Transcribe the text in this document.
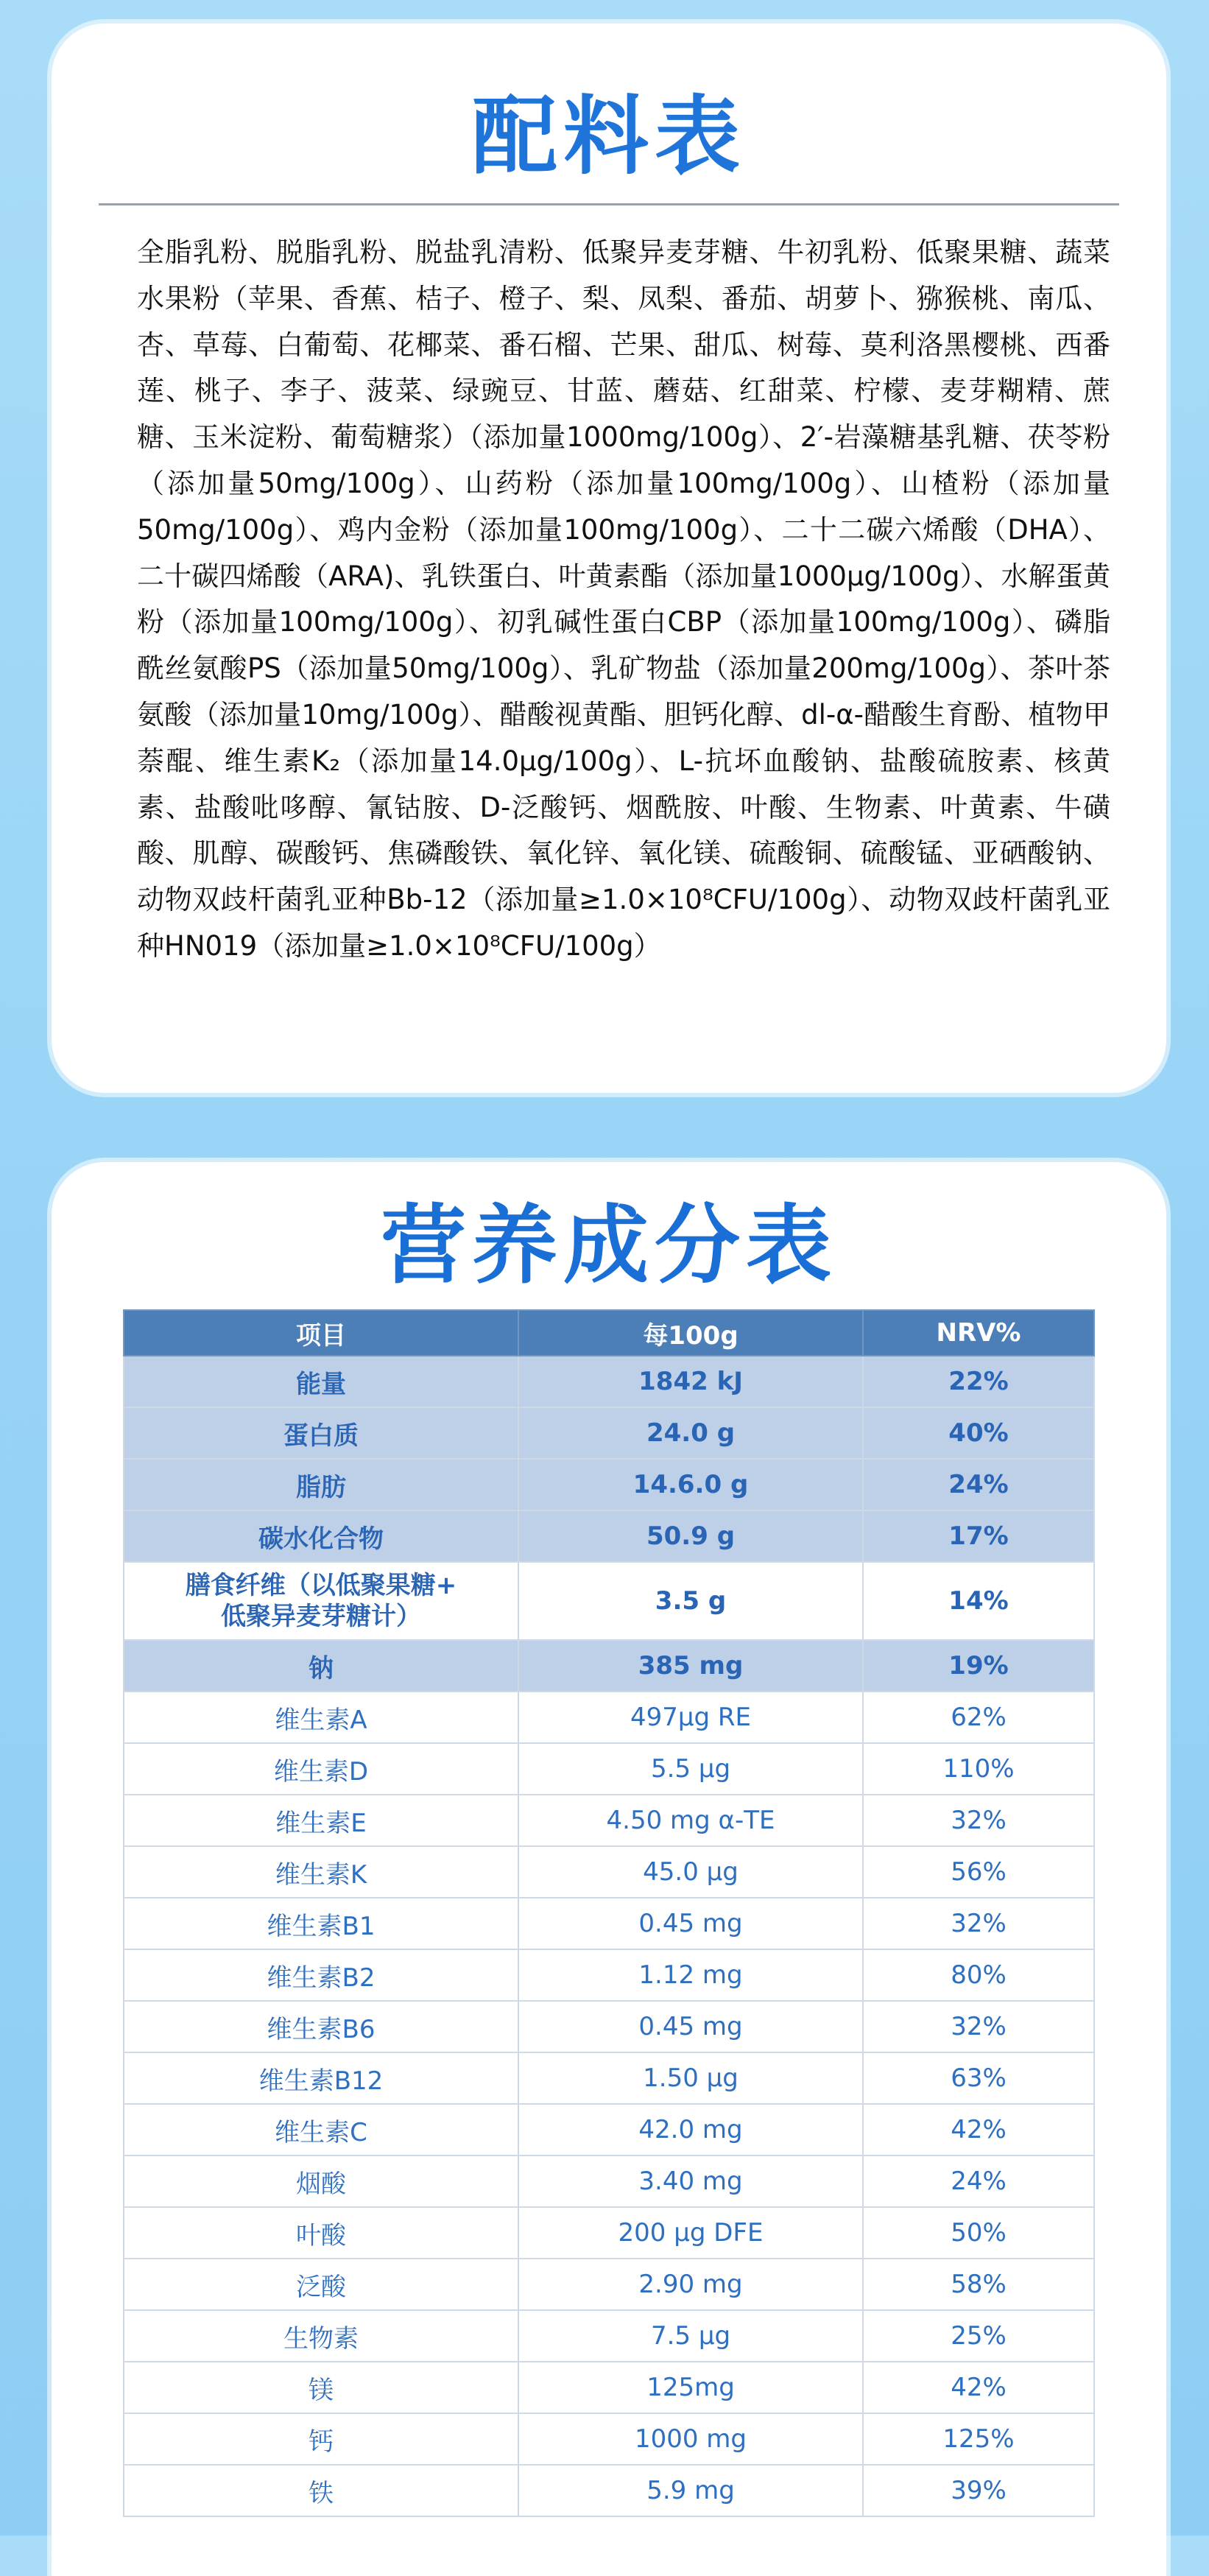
配料表

全脂乳粉、脱脂乳粉、脱盐乳清粉、低聚异麦芽糖、牛初乳粉、低聚果糖、蔬菜水果粉（苹果、香蕉、桔子、橙子、梨、凤梨、番茄、胡萝卜、猕猴桃、南瓜、杏、草莓、白葡萄、花椰菜、番石榴、芒果、甜瓜、树莓、莫利洛黑樱桃、西番莲、桃子、李子、菠菜、绿豌豆、甘蓝、蘑菇、红甜菜、柠檬、麦芽糊精、蔗糖、玉米淀粉、葡萄糖浆）（添加量1000mg/100g）、2′-岩藻糖基乳糖、茯苓粉（添加量50mg/100g）、山药粉（添加量100mg/100g）、山楂粉（添加量50mg/100g）、鸡内金粉（添加量100mg/100g）、二十二碳六烯酸（DHA）、二十碳四烯酸（ARA)、乳铁蛋白、叶黄素酯（添加量1000μg/100g）、水解蛋黄粉（添加量100mg/100g）、初乳碱性蛋白CBP（添加量100mg/100g）、磷脂酰丝氨酸PS（添加量50mg/100g）、乳矿物盐（添加量200mg/100g）、茶叶茶氨酸（添加量10mg/100g）、醋酸视黄酯、胆钙化醇、dl-α-醋酸生育酚、植物甲萘醌、维生素K₂（添加量14.0μg/100g）、L-抗坏血酸钠、盐酸硫胺素、核黄素、盐酸吡哆醇、氰钴胺、D-泛酸钙、烟酰胺、叶酸、生物素、叶黄素、牛磺酸、肌醇、碳酸钙、焦磷酸铁、氧化锌、氧化镁、硫酸铜、硫酸锰、亚硒酸钠、动物双歧杆菌乳亚种Bb-12（添加量≥1.0×10⁸CFU/100g）、动物双歧杆菌乳亚种HN019（添加量≥1.0×10⁸CFU/100g）

营养成分表
项目	每100g	NRV%
能量	1842 kJ	22%
蛋白质	24.0 g	40%
脂肪	14.6.0 g	24%
碳水化合物	50.9 g	17%

膳食纤维（以低聚果糖+
低聚异麦芽糖计）	3.5 g	14%
钠	385 mg	19%
维生素A	497μg RE	62%
维生素D	5.5 μg	110%
维生素E	4.50 mg α-TE	32%
维生素K	45.0 μg	56%
维生素B1	0.45 mg	32%
维生素B2	1.12 mg	80%
维生素B6	0.45 mg	32%
维生素B12	1.50 μg	63%
维生素C	42.0 mg	42%
烟酸	3.40 mg	24%
叶酸	200 μg DFE	50%
泛酸	2.90 mg	58%
生物素	7.5 μg	25%
镁	125mg	42%
钙	1000 mg	125%
铁	5.9 mg	39%
